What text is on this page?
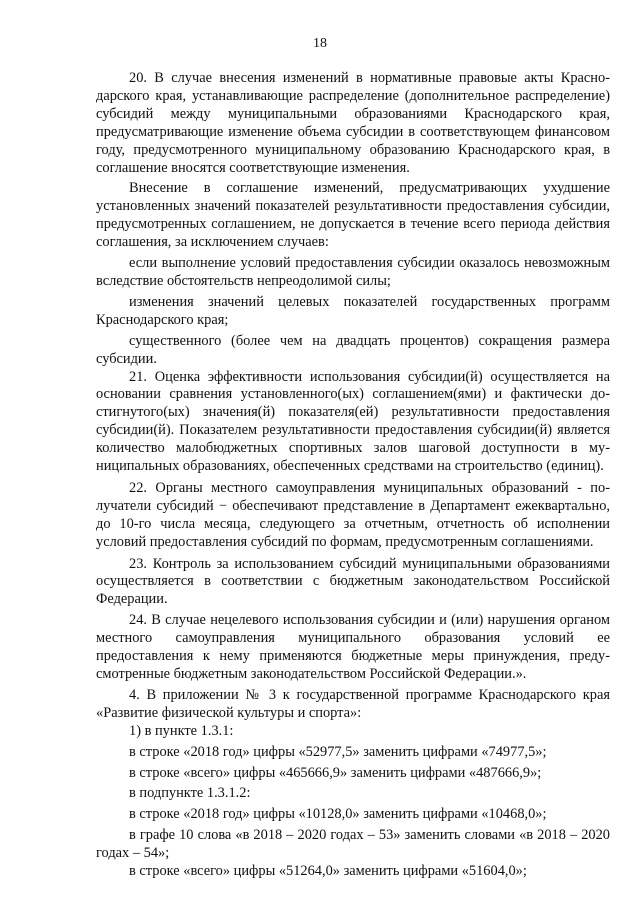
18

20. В случае внесения изменений в нормативные правовые акты Краснодарского края, устанавливающие распределение (дополнительное распределение) субсидий между муниципальными образованиями Краснодарского края, предусматривающие изменение объема субсидии в соответствующем финансовом году, предусмотренного муниципальному образованию Краснодарского края, в соглашение вносятся соответствующие изменения.

Внесение в соглашение изменений, предусматривающих ухудшение установленных значений показателей результативности предоставления субсидии, предусмотренных соглашением, не допускается в течение всего периода действия соглашения, за исключением случаев:

если выполнение условий предоставления субсидии оказалось невозможным вследствие обстоятельств непреодолимой силы;

изменения значений целевых показателей государственных программ Краснодарского края;

существенного (более чем на двадцать процентов) сокращения размера субсидии.

21. Оценка эффективности использования субсидии(й) осуществляется на основании сравнения установленного(ых) соглашением(ями) и фактически достигнутого(ых) значения(й) показателя(ей) результативности предоставления субсидии(й). Показателем результативности предоставления субсидии(й) является количество малобюджетных спортивных залов шаговой доступности в муниципальных образованиях, обеспеченных средствами на строительство (единиц).

22. Органы местного самоуправления муниципальных образований - получатели субсидий − обеспечивают представление в Департамент ежеквартально, до 10-го числа месяца, следующего за отчетным, отчетность об исполнении условий предоставления субсидий по формам, предусмотренным соглашениями.

23. Контроль за использованием субсидий муниципальными образованиями осуществляется в соответствии с бюджетным законодательством Российской Федерации.

24. В случае нецелевого использования субсидии и (или) нарушения органом местного самоуправления муниципального образования условий ее предоставления к нему применяются бюджетные меры принуждения, предусмотренные бюджетным законодательством Российской Федерации.».

4. В приложении № 3 к государственной программе Краснодарского края «Развитие физической культуры и спорта»:

1) в пункте 1.3.1:

в строке «2018 год» цифры «52977,5» заменить цифрами «74977,5»;

в строке «всего» цифры «465666,9» заменить цифрами «487666,9»;

в подпункте 1.3.1.2:

в строке «2018 год» цифры «10128,0» заменить цифрами «10468,0»;

в графе 10 слова «в 2018 – 2020 годах – 53» заменить словами «в 2018 – 2020 годах – 54»;

в строке «всего» цифры «51264,0» заменить цифрами «51604,0»;
